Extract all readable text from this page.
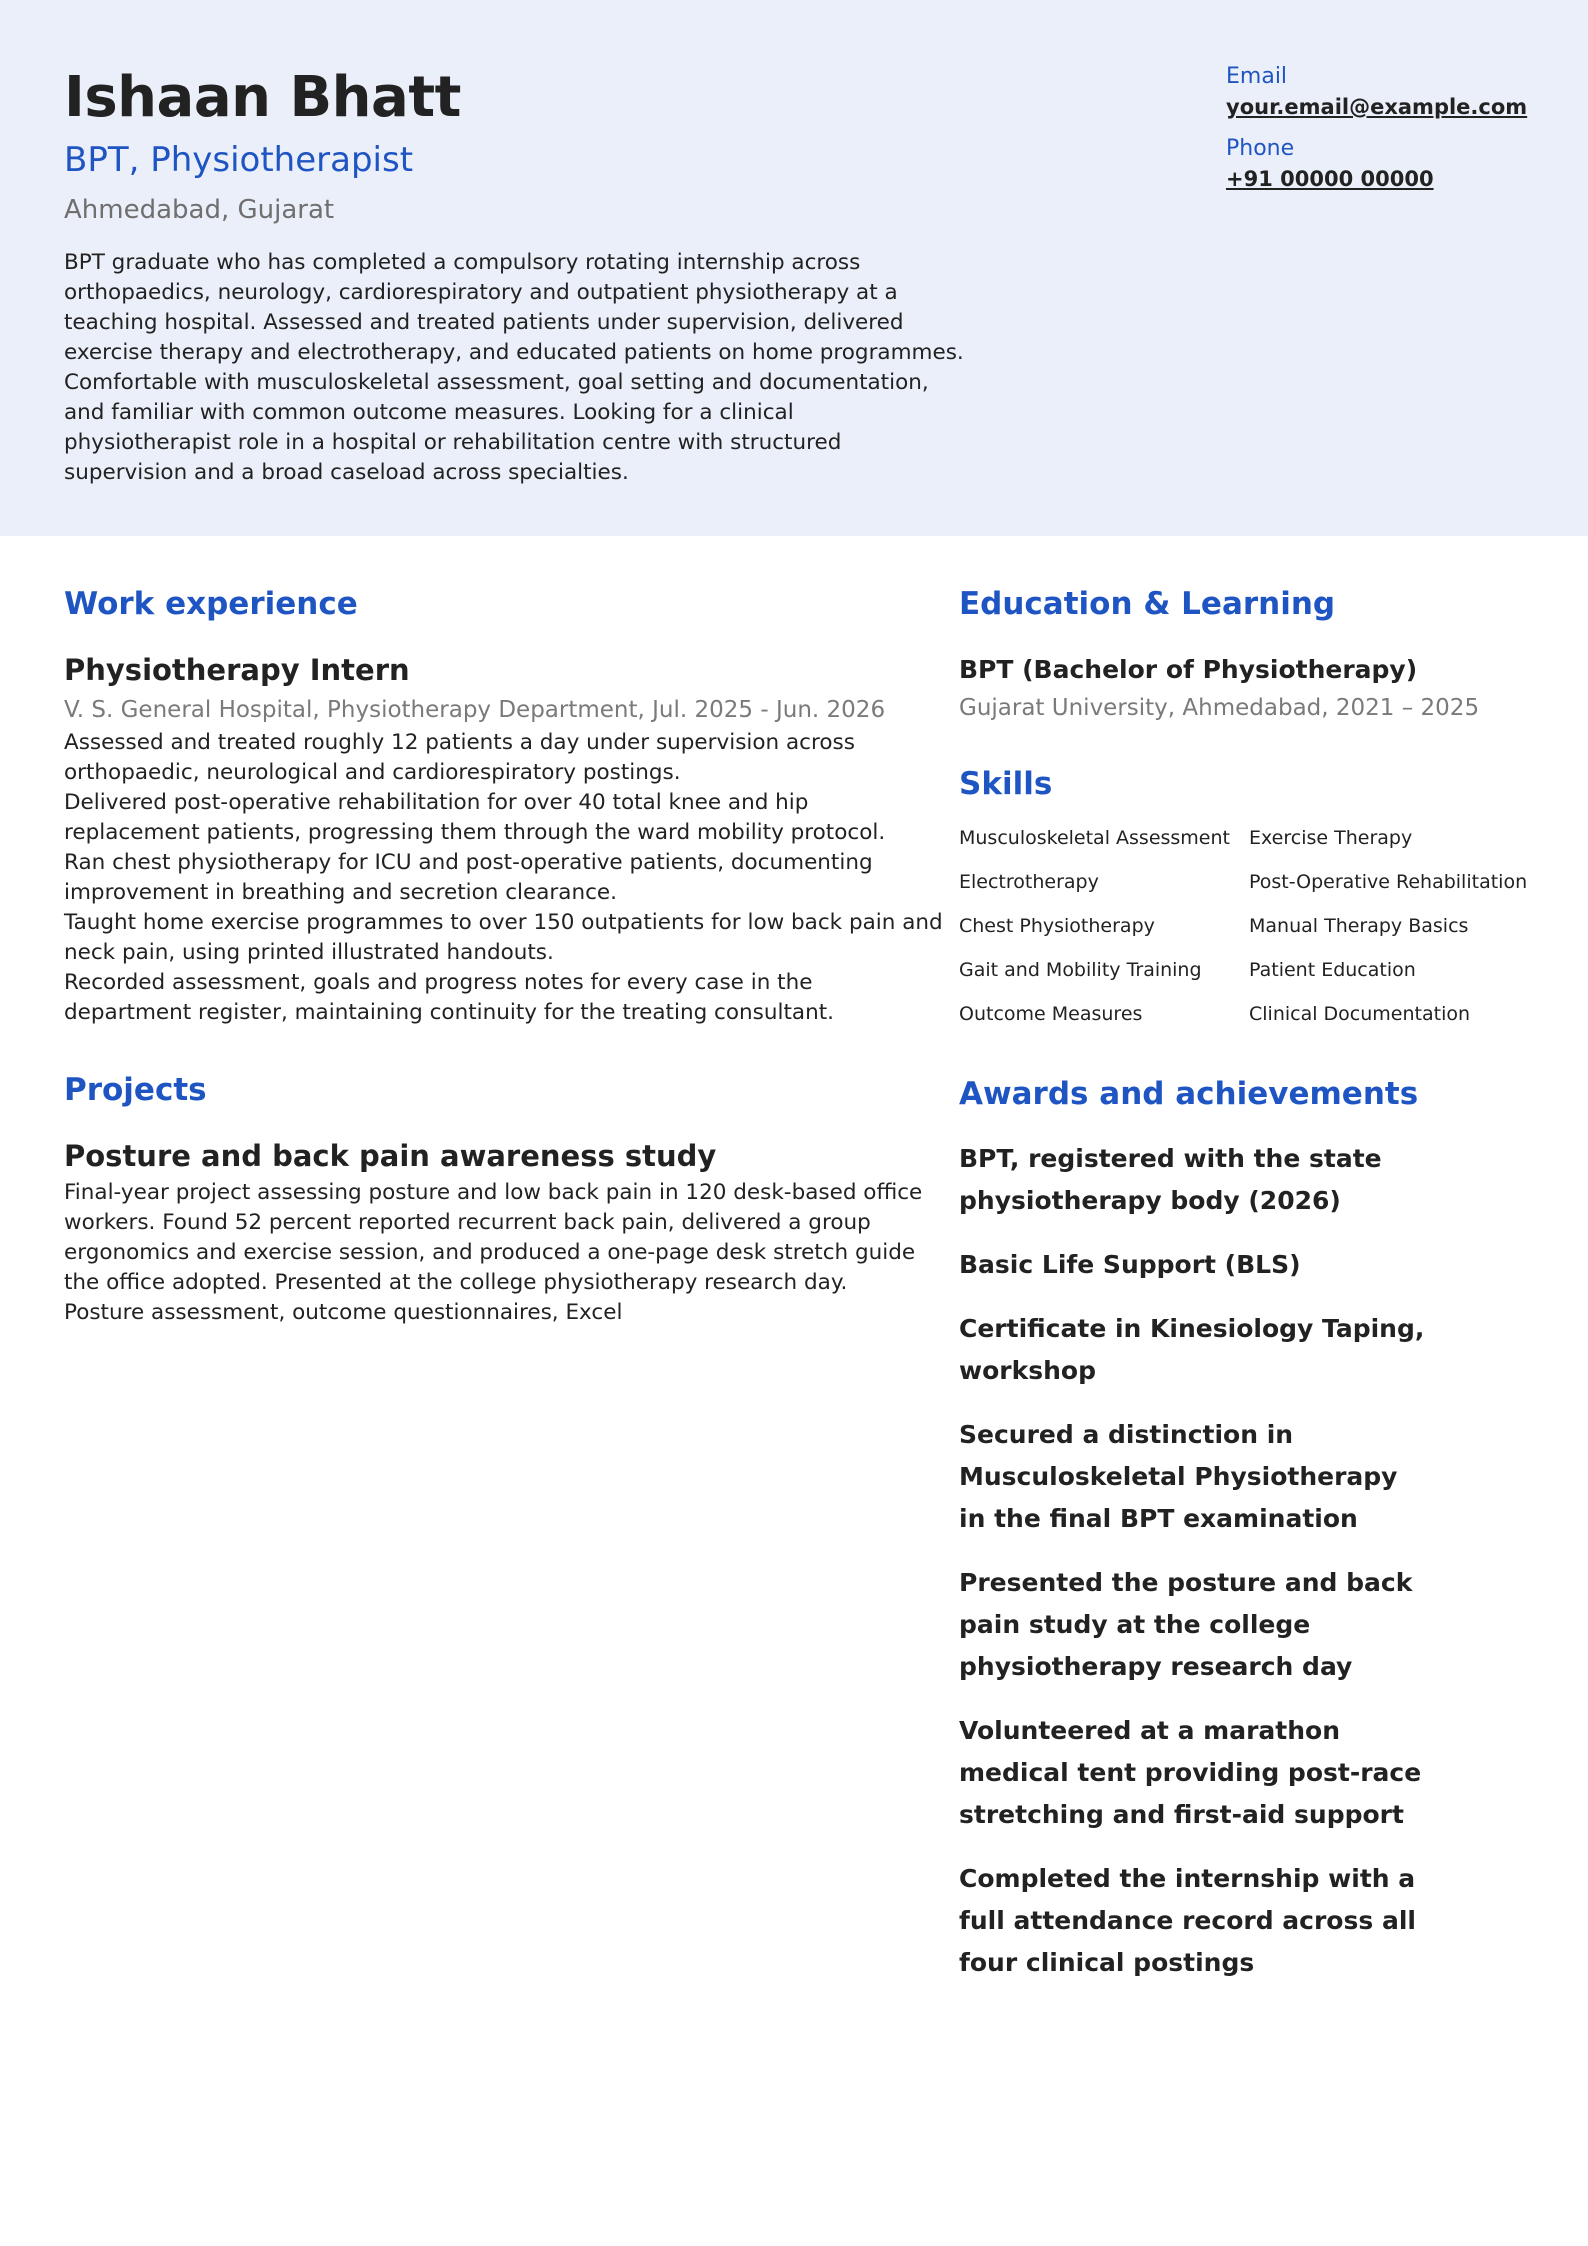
Ishaan Bhatt
BPT, Physiotherapist
Ahmedabad, Gujarat
BPT graduate who has completed a compulsory rotating internship across orthopaedics, neurology, cardiorespiratory and outpatient physiotherapy at a teaching hospital. Assessed and treated patients under supervision, delivered exercise therapy and electrotherapy, and educated patients on home programmes. Comfortable with musculoskeletal assessment, goal setting and documentation, and familiar with common outcome measures. Looking for a clinical physiotherapist role in a hospital or rehabilitation centre with structured supervision and a broad caseload across specialties.
Email
your.email@example.com
Phone
+91 00000 00000
Work experience
Physiotherapy Intern
V. S. General Hospital, Physiotherapy Department, Jul. 2025 - Jun. 2026
Assessed and treated roughly 12 patients a day under supervision across orthopaedic, neurological and cardiorespiratory postings.
Delivered post-operative rehabilitation for over 40 total knee and hip replacement patients, progressing them through the ward mobility protocol.
Ran chest physiotherapy for ICU and post-operative patients, documenting improvement in breathing and secretion clearance.
Taught home exercise programmes to over 150 outpatients for low back pain and neck pain, using printed illustrated handouts.
Recorded assessment, goals and progress notes for every case in the department register, maintaining continuity for the treating consultant.
Projects
Posture and back pain awareness study
Final-year project assessing posture and low back pain in 120 desk-based office workers. Found 52 percent reported recurrent back pain, delivered a group ergonomics and exercise session, and produced a one-page desk stretch guide the office adopted. Presented at the college physiotherapy research day.
Posture assessment, outcome questionnaires, Excel
Education & Learning
BPT (Bachelor of Physiotherapy)
Gujarat University, Ahmedabad, 2021 – 2025
Skills
Musculoskeletal Assessment	Exercise Therapy
Electrotherapy	Post-Operative Rehabilitation
Chest Physiotherapy	Manual Therapy Basics
Gait and Mobility Training	Patient Education
Outcome Measures	Clinical Documentation
Awards and achievements
BPT, registered with the state physiotherapy body (2026)
Basic Life Support (BLS)
Certificate in Kinesiology Taping, workshop
Secured a distinction in Musculoskeletal Physiotherapy in the final BPT examination
Presented the posture and back pain study at the college physiotherapy research day
Volunteered at a marathon medical tent providing post-race stretching and first-aid support
Completed the internship with a full attendance record across all four clinical postings
